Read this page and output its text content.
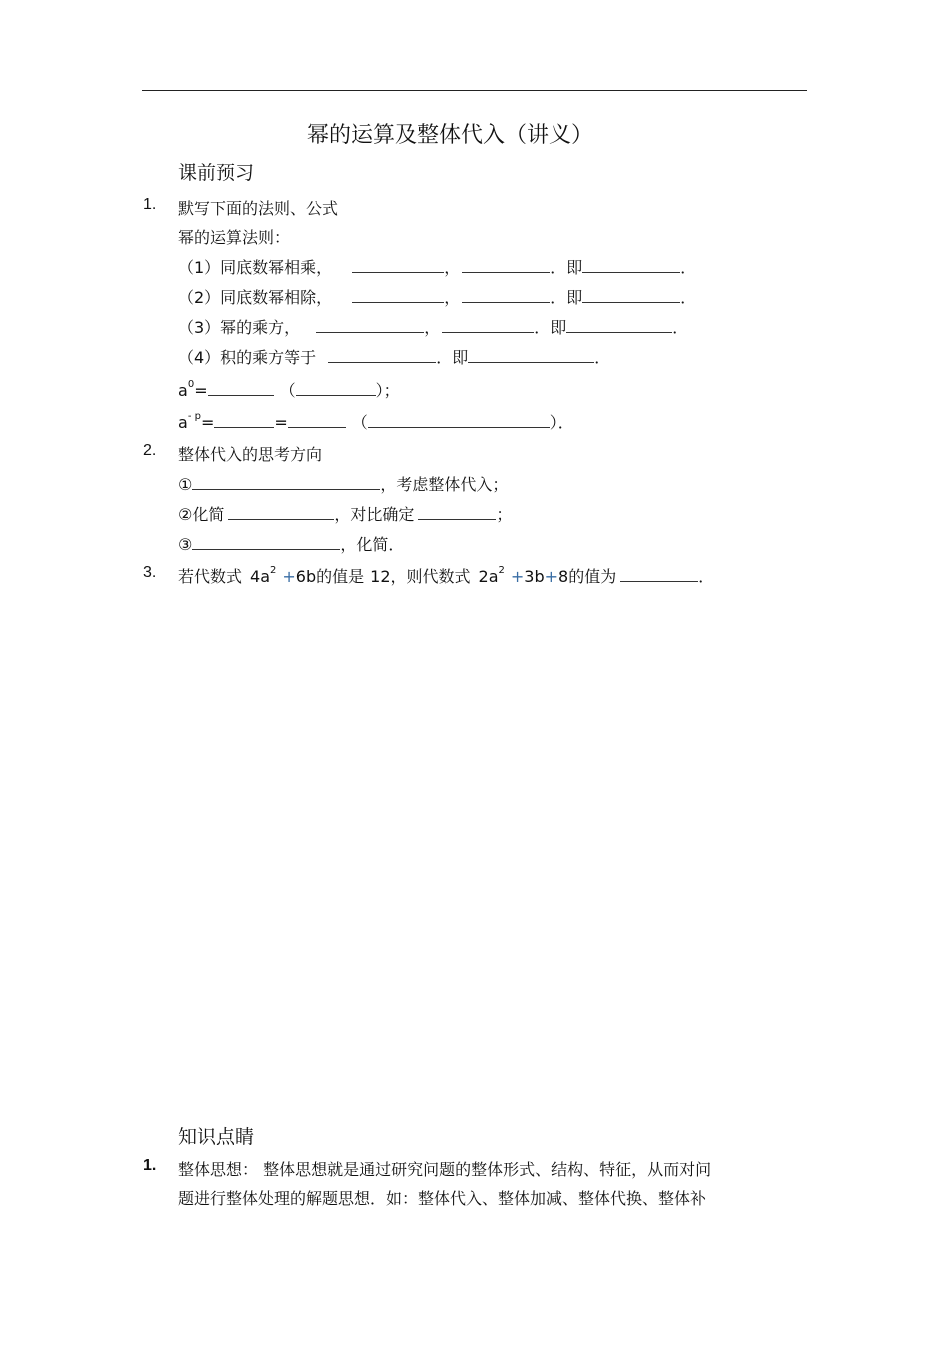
幂的运算及整体代入（讲义）
课前预习
1. 默写下面的法则、公式
幂的运算法则：
（1）同底数幂相乘，	，	．即	．
（2）同底数幂相除，	，	．即	．
（3）幂的乘方，	，	．即	．
（4）积的乘方等于	．即	．
$a^0=$	（	）；
$a^{- p}=$	=	（	）．
2. 整体代入的思考方向
①	，考虑整体代入；
②化简	，对比确定	；
③	，化简．
3. 若代数式 $4a^2 +6b$的值是 12，则代数式 $2a^2 +3b+8$的值为	．
知识点睛
1. 整体思想： 整体思想就是通过研究问题的整体形式、结构、特征，从而对问
题进行整体处理的解题思想．如：整体代入、整体加减、整体代换、整体补
